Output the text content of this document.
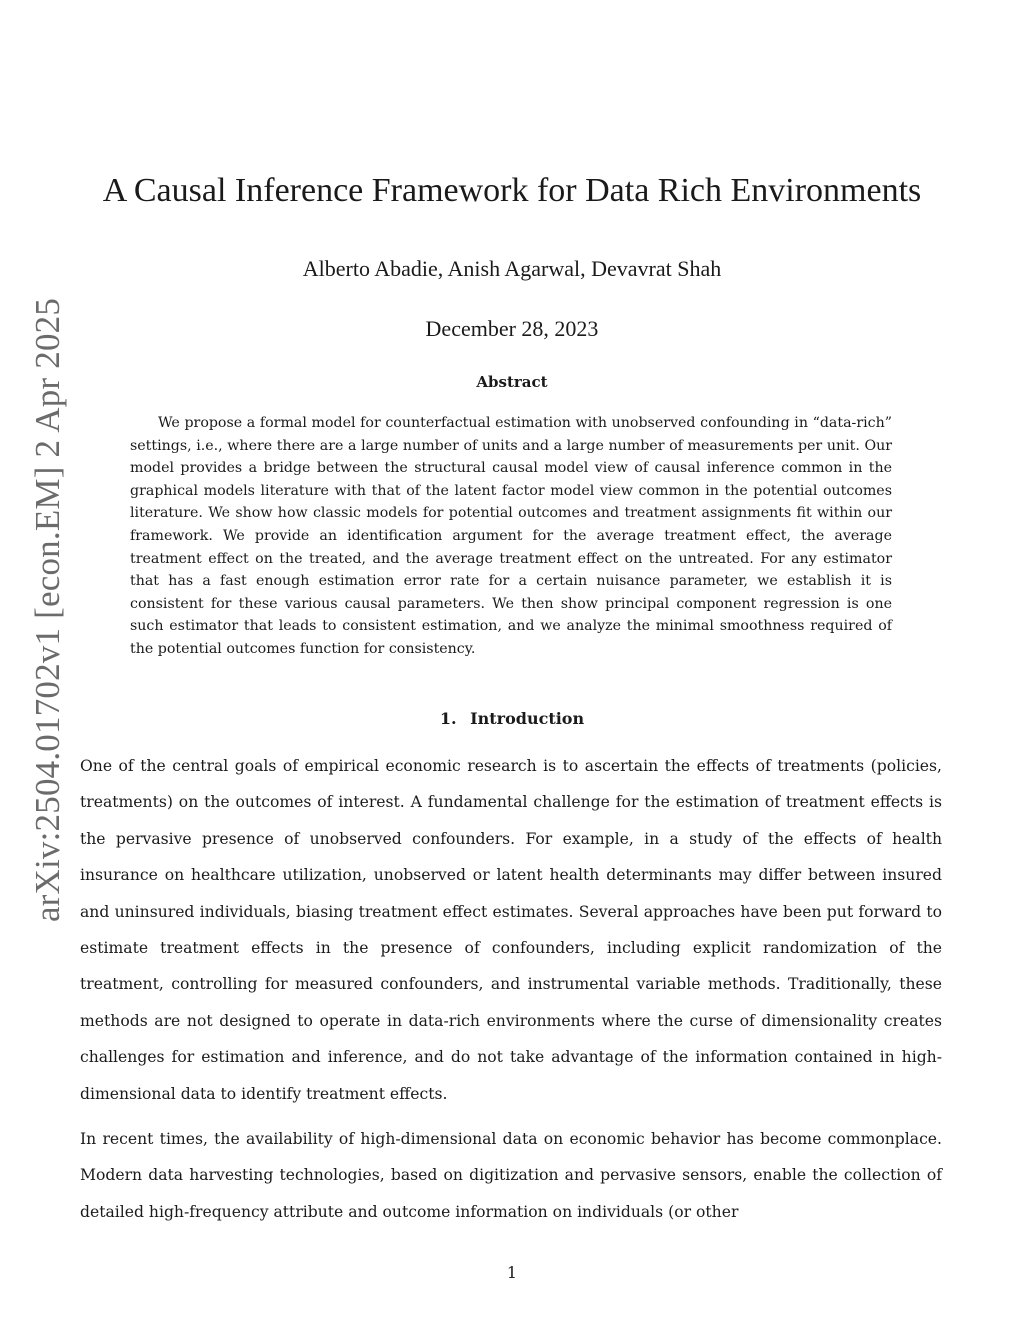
arXiv:2504.01702v1 [econ.EM] 2 Apr 2025
A Causal Inference Framework for Data Rich Environments
Alberto Abadie, Anish Agarwal, Devavrat Shah
December 28, 2023
Abstract

We propose a formal model for counterfactual estimation with unobserved confounding in “data-rich” settings, i.e., where there are a large number of units and a large number of measurements per unit. Our model provides a bridge between the structural causal model view of causal inference common in the graphical models literature with that of the latent factor model view common in the potential outcomes literature. We show how classic models for potential outcomes and treatment assignments fit within our framework. We provide an identification argument for the average treatment effect, the average treatment effect on the treated, and the average treatment effect on the untreated. For any estimator that has a fast enough estimation error rate for a certain nuisance parameter, we establish it is consistent for these various causal parameters. We then show principal component regression is one such estimator that leads to consistent estimation, and we analyze the minimal smoothness required of the potential outcomes function for consistency.

1. Introduction

One of the central goals of empirical economic research is to ascertain the effects of treatments (policies, treatments) on the outcomes of interest. A fundamental challenge for the estimation of treatment effects is the pervasive presence of unobserved confounders. For example, in a study of the effects of health insurance on healthcare utilization, unobserved or latent health determinants may differ between insured and uninsured individuals, biasing treatment effect estimates. Several approaches have been put forward to estimate treatment effects in the presence of confounders, including explicit randomization of the treatment, controlling for measured confounders, and instrumental variable methods. Traditionally, these methods are not designed to operate in data-rich environments where the curse of dimensionality creates challenges for estimation and inference, and do not take advantage of the information contained in high-dimensional data to identify treatment effects.

In recent times, the availability of high-dimensional data on economic behavior has become commonplace. Modern data harvesting technologies, based on digitization and pervasive sensors, enable the collection of detailed high-frequency attribute and outcome information on individuals (or other

1
